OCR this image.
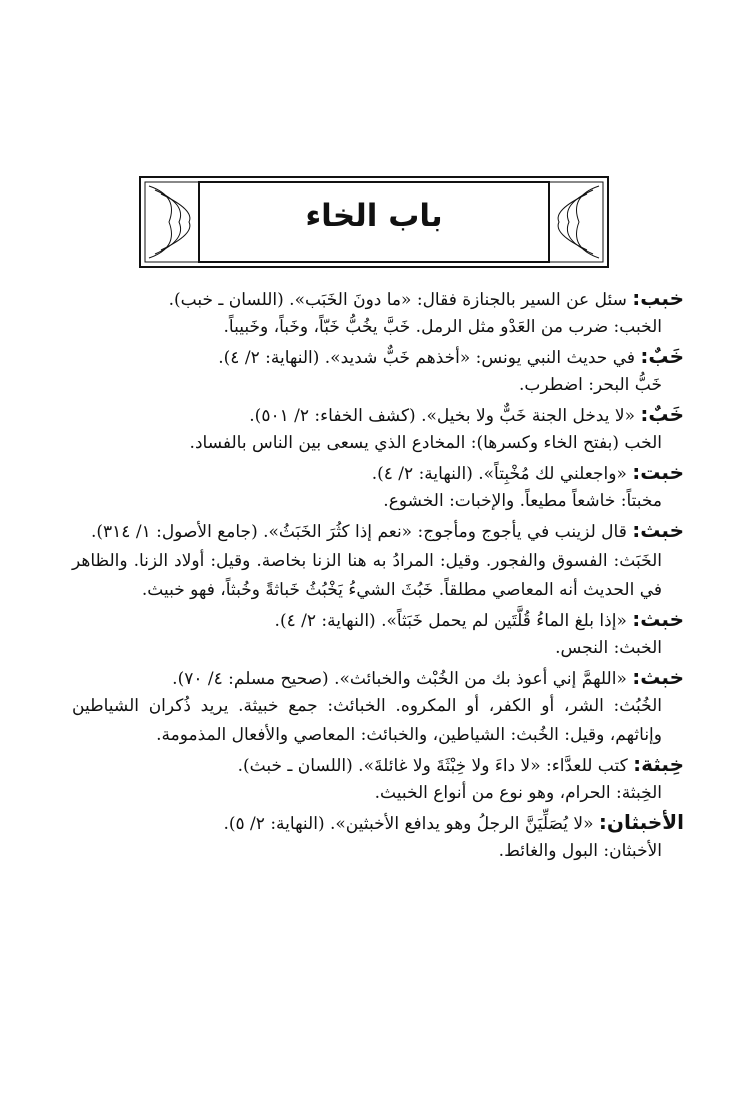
باب الخاء
خبب: سئل عن السير بالجنازة فقال: «ما دونَ الخَبَب». (اللسان ـ خبب).
الخبب: ضرب من العَدْو مثل الرمل. خَبَّ يخُبُّ خَبّاً، وخَباً، وخَبيباً.
خَبٌ: في حديث النبي يونس: «أخذهم خَبٌّ شديد». (النهاية: ٢/ ٤).
خَبُّ البحر: اضطرب.
خَبٌ: «لا يدخل الجنة خَبٌّ ولا بخيل». (كشف الخفاء: ٢/ ٥٠١).
الخب (بفتح الخاء وكسرها): المخادع الذي يسعى بين الناس بالفساد.
خبت: «واجعلني لك مُخْبِتاً». (النهاية: ٢/ ٤).
مخبتاً: خاشعاً مطيعاً. والإخبات: الخشوع.
خبث: قال لزينب في يأجوج ومأجوج: «نعم إذا كثُرَ الخَبَثُ». (جامع الأصول: ١/ ٣١٤).
الخَبَث: الفسوق والفجور. وقيل: المرادُ به هنا الزنا بخاصة. وقيل: أولاد الزنا. والظاهر في الحديث أنه المعاصي مطلقاً. خَبُثَ الشيءُ يَخْبُثُ خَباثةً وخُبثاً، فهو خبيث.
خبث: «إذا بلغ الماءُ قُلَّتَين لم يحمل خَبَثاً». (النهاية: ٢/ ٤).
الخبث: النجس.
خبث: «اللهمَّ إني أعوذ بك من الخُبْث والخبائث». (صحيح مسلم: ٤/ ٧٠).
الخُبُث: الشر، أو الكفر، أو المكروه. الخبائث: جمع خبيثة. يريد ذُكران الشياطين وإناثهم، وقيل: الخُبث: الشياطين، والخبائث: المعاصي والأفعال المذمومة.
خِبثة: كتب للعدَّاء: «لا داءَ ولا خِبْثَةَ ولا غائلةَ». (اللسان ـ خبث).
الخِبثة: الحرام، وهو نوع من أنواع الخبيث.
الأخبثان: «لا يُصَلِّيَنَّ الرجلُ وهو يدافع الأخبثين». (النهاية: ٢/ ٥).
الأخبثان: البول والغائط.
